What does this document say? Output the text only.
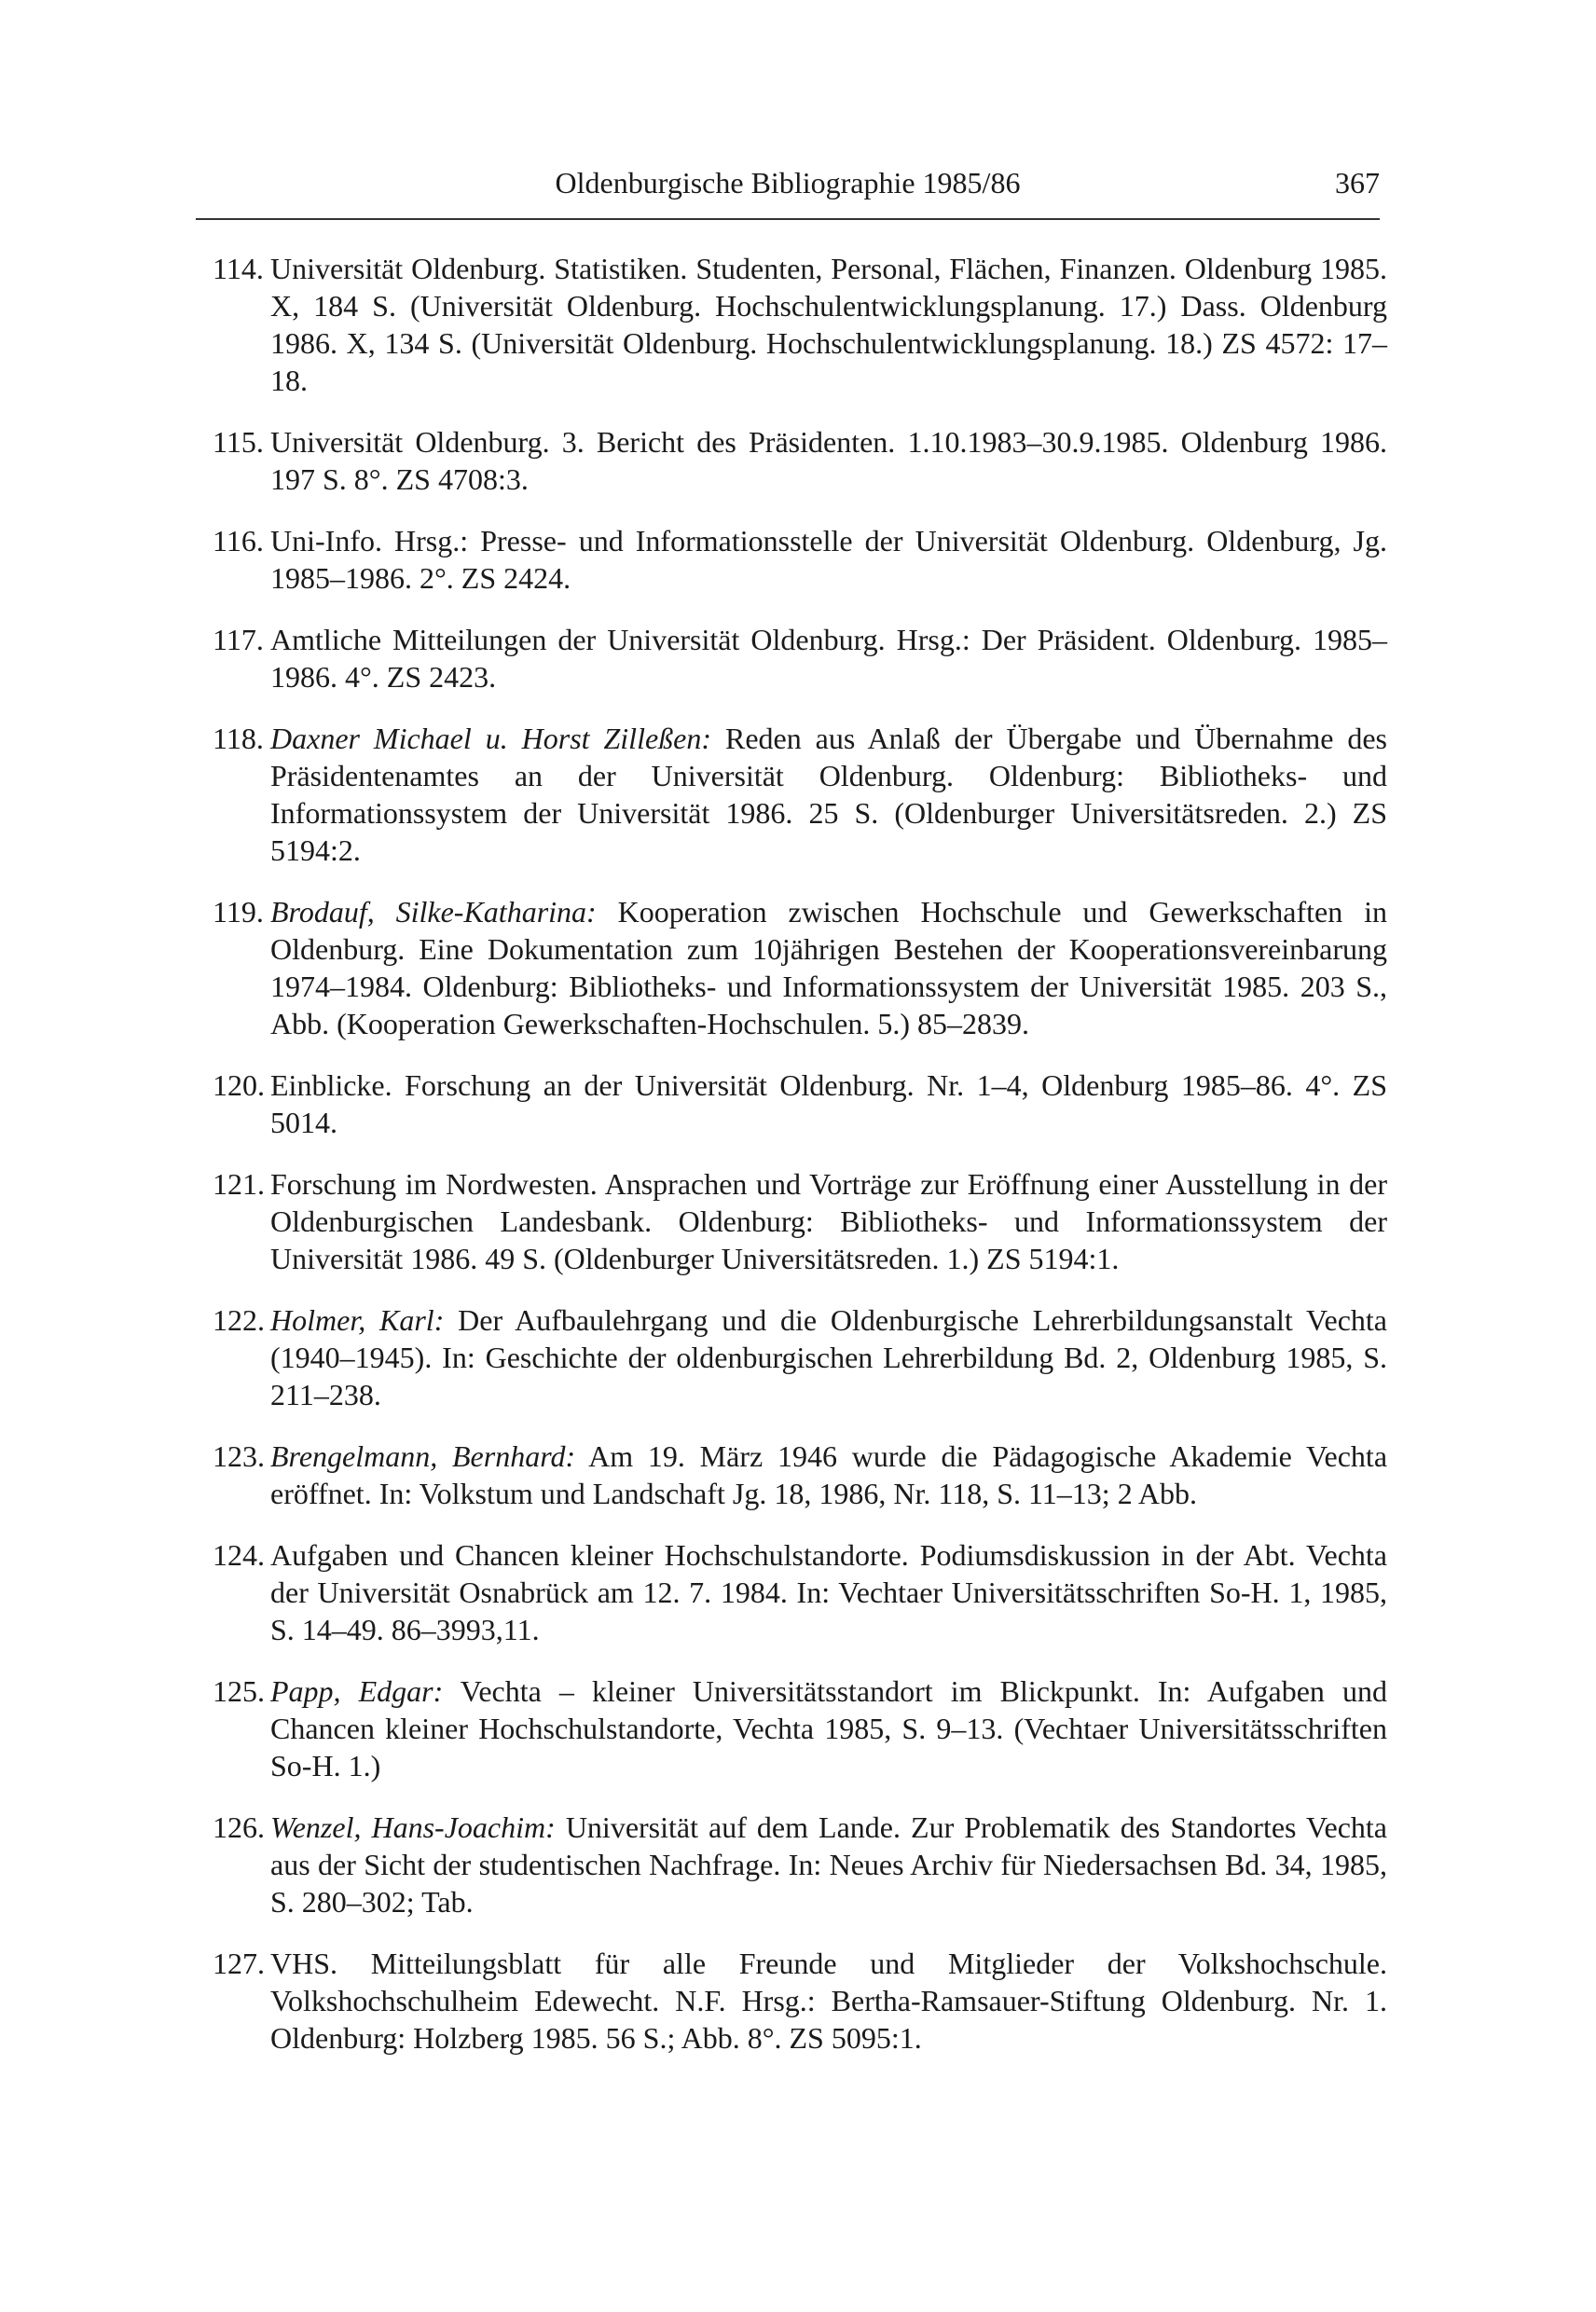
Oldenburgische Bibliographie 1985/86	367
114. Universität Oldenburg. Statistiken. Studenten, Personal, Flächen, Finanzen. Oldenburg 1985. X, 184 S. (Universität Oldenburg. Hochschulentwicklungsplanung. 17.) Dass. Oldenburg 1986. X, 134 S. (Universität Oldenburg. Hochschulentwicklungsplanung. 18.) ZS 4572: 17–18.
115. Universität Oldenburg. 3. Bericht des Präsidenten. 1.10.1983–30.9.1985. Oldenburg 1986. 197 S. 8°. ZS 4708:3.
116. Uni-Info. Hrsg.: Presse- und Informationsstelle der Universität Oldenburg. Oldenburg, Jg. 1985–1986. 2°. ZS 2424.
117. Amtliche Mitteilungen der Universität Oldenburg. Hrsg.: Der Präsident. Oldenburg. 1985–1986. 4°. ZS 2423.
118. Daxner Michael u. Horst Zilleßen: Reden aus Anlaß der Übergabe und Übernahme des Präsidentenamtes an der Universität Oldenburg. Oldenburg: Bibliotheks- und Informationssystem der Universität 1986. 25 S. (Oldenburger Universitätsreden. 2.) ZS 5194:2.
119. Brodauf, Silke-Katharina: Kooperation zwischen Hochschule und Gewerkschaften in Oldenburg. Eine Dokumentation zum 10jährigen Bestehen der Kooperationsvereinbarung 1974–1984. Oldenburg: Bibliotheks- und Informationssystem der Universität 1985. 203 S., Abb. (Kooperation Gewerkschaften-Hochschulen. 5.) 85–2839.
120. Einblicke. Forschung an der Universität Oldenburg. Nr. 1–4, Oldenburg 1985–86. 4°. ZS 5014.
121. Forschung im Nordwesten. Ansprachen und Vorträge zur Eröffnung einer Ausstellung in der Oldenburgischen Landesbank. Oldenburg: Bibliotheks- und Informationssystem der Universität 1986. 49 S. (Oldenburger Universitätsreden. 1.) ZS 5194:1.
122. Holmer, Karl: Der Aufbaulehrgang und die Oldenburgische Lehrerbildungsanstalt Vechta (1940–1945). In: Geschichte der oldenburgischen Lehrerbildung Bd. 2, Oldenburg 1985, S. 211–238.
123. Brengelmann, Bernhard: Am 19. März 1946 wurde die Pädagogische Akademie Vechta eröffnet. In: Volkstum und Landschaft Jg. 18, 1986, Nr. 118, S. 11–13; 2 Abb.
124. Aufgaben und Chancen kleiner Hochschulstandorte. Podiumsdiskussion in der Abt. Vechta der Universität Osnabrück am 12. 7. 1984. In: Vechtaer Universitätsschriften So-H. 1, 1985, S. 14–49. 86–3993,11.
125. Papp, Edgar: Vechta – kleiner Universitätsstandort im Blickpunkt. In: Aufgaben und Chancen kleiner Hochschulstandorte, Vechta 1985, S. 9–13. (Vechtaer Universitätsschriften So-H. 1.)
126. Wenzel, Hans-Joachim: Universität auf dem Lande. Zur Problematik des Standortes Vechta aus der Sicht der studentischen Nachfrage. In: Neues Archiv für Niedersachsen Bd. 34, 1985, S. 280–302; Tab.
127. VHS. Mitteilungsblatt für alle Freunde und Mitglieder der Volkshochschule. Volkshochschulheim Edewecht. N.F. Hrsg.: Bertha-Ramsauer-Stiftung Oldenburg. Nr. 1. Oldenburg: Holzberg 1985. 56 S.; Abb. 8°. ZS 5095:1.
